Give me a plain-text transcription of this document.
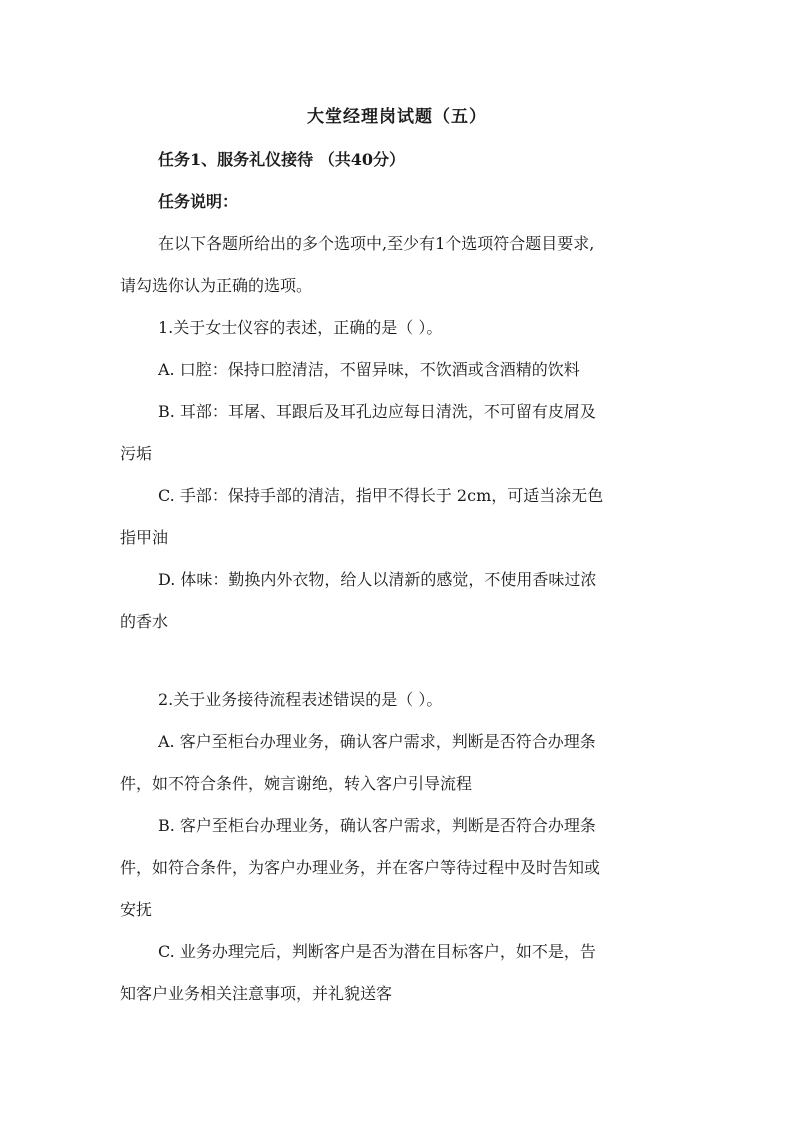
大堂经理岗试题（五）
任务1、服务礼仪接待 （共40分）
任务说明：
在以下各题所给出的多个选项中,至少有1个选项符合题目要求,
请勾选你认为正确的选项。
1.关于女士仪容的表述，正确的是（ ）。
A. 口腔：保持口腔清洁，不留异味，不饮酒或含酒精的饮料
B. 耳部：耳屠、耳跟后及耳孔边应每日清洗，不可留有皮屑及
污垢
C. 手部：保持手部的清洁，指甲不得长于 2cm，可适当涂无色
指甲油
D. 体味：勤换内外衣物，给人以清新的感觉，不使用香味过浓
的香水
2.关于业务接待流程表述错误的是（ ）。
A. 客户至柜台办理业务，确认客户需求，判断是否符合办理条
件，如不符合条件，婉言谢绝，转入客户引导流程
B. 客户至柜台办理业务，确认客户需求，判断是否符合办理条
件，如符合条件，为客户办理业务，并在客户等待过程中及时告知或
安抚
C. 业务办理完后，判断客户是否为潜在目标客户，如不是，告
知客户业务相关注意事项，并礼貌送客
